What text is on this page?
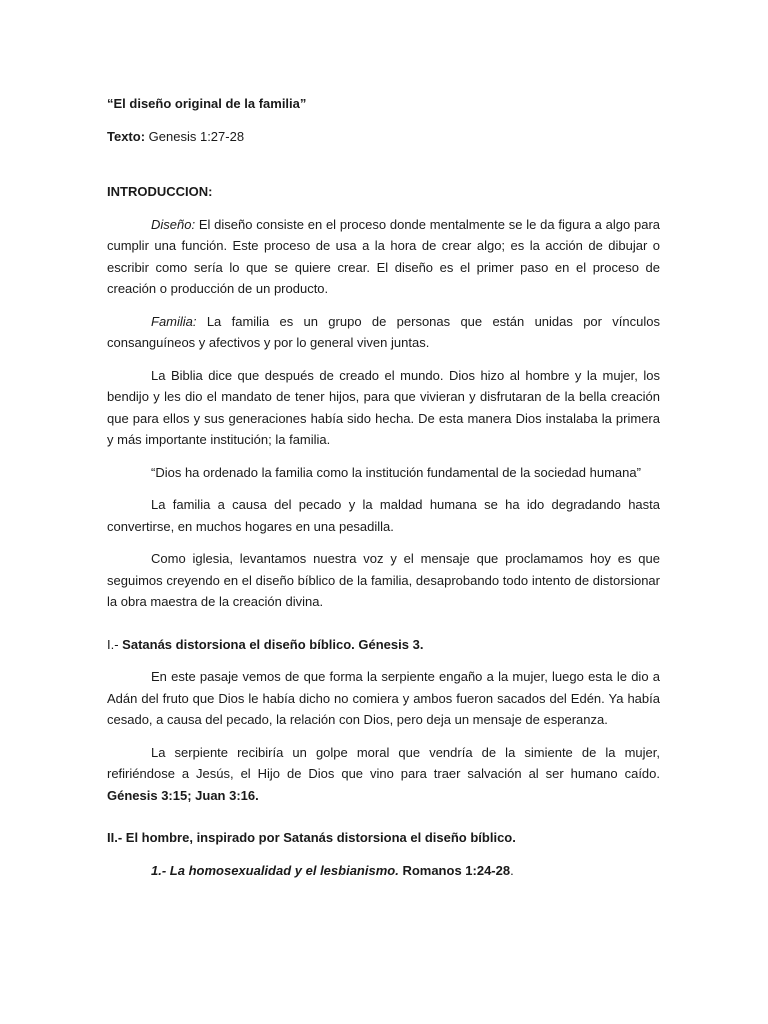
“El diseño original de la familia”

Texto: Genesis 1:27-28

INTRODUCCION:

Diseño: El diseño consiste en el proceso donde mentalmente se le da figura a algo para cumplir una función. Este proceso de usa a la hora de crear algo; es la acción de dibujar o escribir como sería lo que se quiere crear. El diseño es el primer paso en el proceso de creación o producción de un producto.

Familia: La familia es un grupo de personas que están unidas por vínculos consanguíneos y afectivos y por lo general viven juntas.

La Biblia dice que después de creado el mundo. Dios hizo al hombre y la mujer, los bendijo y les dio el mandato de tener hijos, para que vivieran y disfrutaran de la bella creación que para ellos y sus generaciones había sido hecha. De esta manera Dios instalaba la primera y más importante institución; la familia.

“Dios ha ordenado la familia como la institución fundamental de la sociedad humana”

La familia a causa del pecado y la maldad humana se ha ido degradando hasta convertirse, en muchos hogares en una pesadilla.

Como iglesia, levantamos nuestra voz y el mensaje que proclamamos hoy es que seguimos creyendo en el diseño bíblico de la familia, desaprobando todo intento de distorsionar la obra maestra de la creación divina.

I.- Satanás distorsiona el diseño bíblico. Génesis 3.

En este pasaje vemos de que forma la serpiente engaño a la mujer, luego esta le dio a Adán del fruto que Dios le había dicho no comiera y ambos fueron sacados del Edén. Ya había cesado, a causa del pecado, la relación con Dios, pero deja un mensaje de esperanza.

La serpiente recibiría un golpe moral que vendría de la simiente de la mujer, refiriéndose a Jesús, el Hijo de Dios que vino para traer salvación al ser humano caído. Génesis 3:15; Juan 3:16.

II.- El hombre, inspirado por Satanás distorsiona el diseño bíblico.

1.- La homosexualidad y el lesbianismo. Romanos 1:24-28.
